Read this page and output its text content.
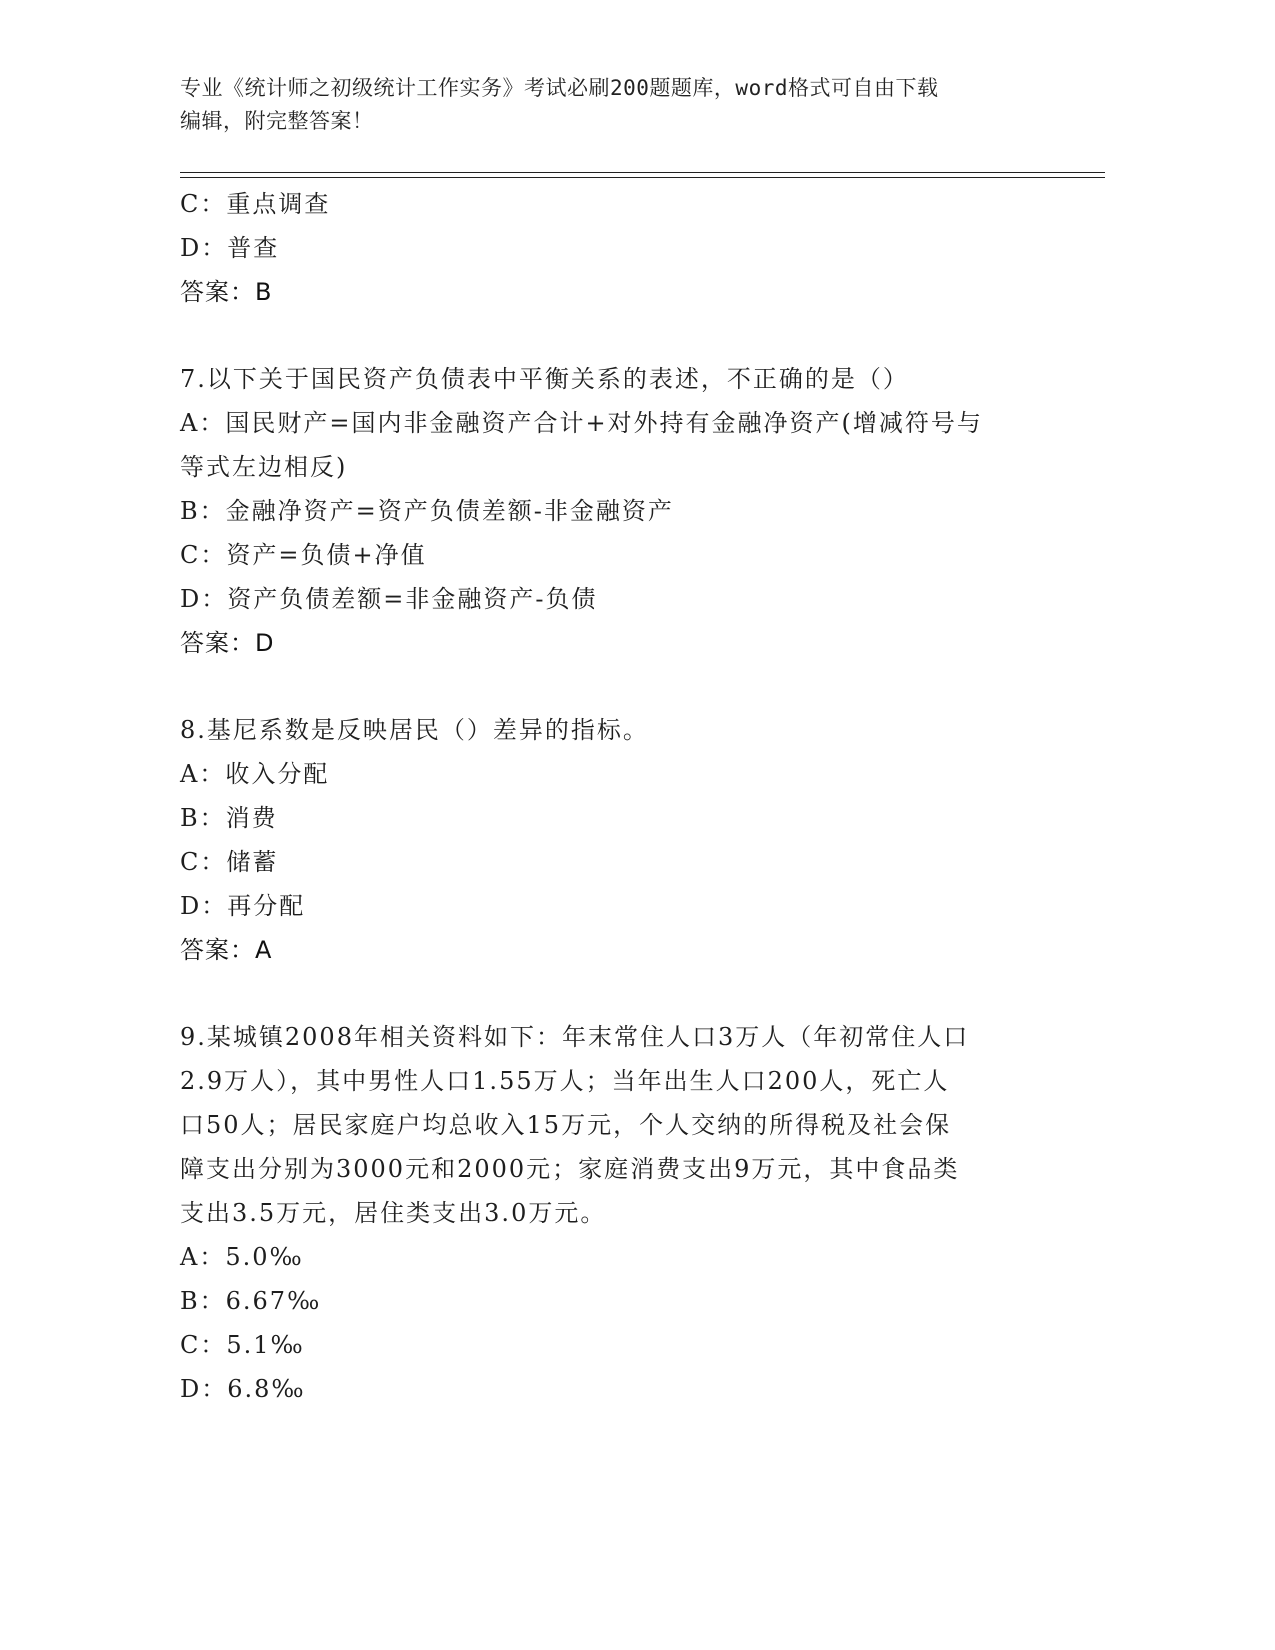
专业《统计师之初级统计工作实务》考试必刷200题题库，word格式可自由下载
编辑，附完整答案！
C：重点调查
D：普查
答案：B
7.以下关于国民资产负债表中平衡关系的表述，不正确的是（）
A：国民财产=国内非金融资产合计+对外持有金融净资产(增减符号与
等式左边相反)
B：金融净资产=资产负债差额-非金融资产
C：资产=负债+净值
D：资产负债差额=非金融资产-负债
答案：D
8.基尼系数是反映居民（）差异的指标。
A：收入分配
B：消费
C：储蓄
D：再分配
答案：A
9.某城镇2008年相关资料如下：年末常住人口3万人（年初常住人口
2.9万人），其中男性人口1.55万人；当年出生人口200人，死亡人
口50人；居民家庭户均总收入15万元，个人交纳的所得税及社会保
障支出分别为3000元和2000元；家庭消费支出9万元，其中食品类
支出3.5万元，居住类支出3.0万元。
A：5.0‰
B：6.67‰
C：5.1‰
D：6.8‰
